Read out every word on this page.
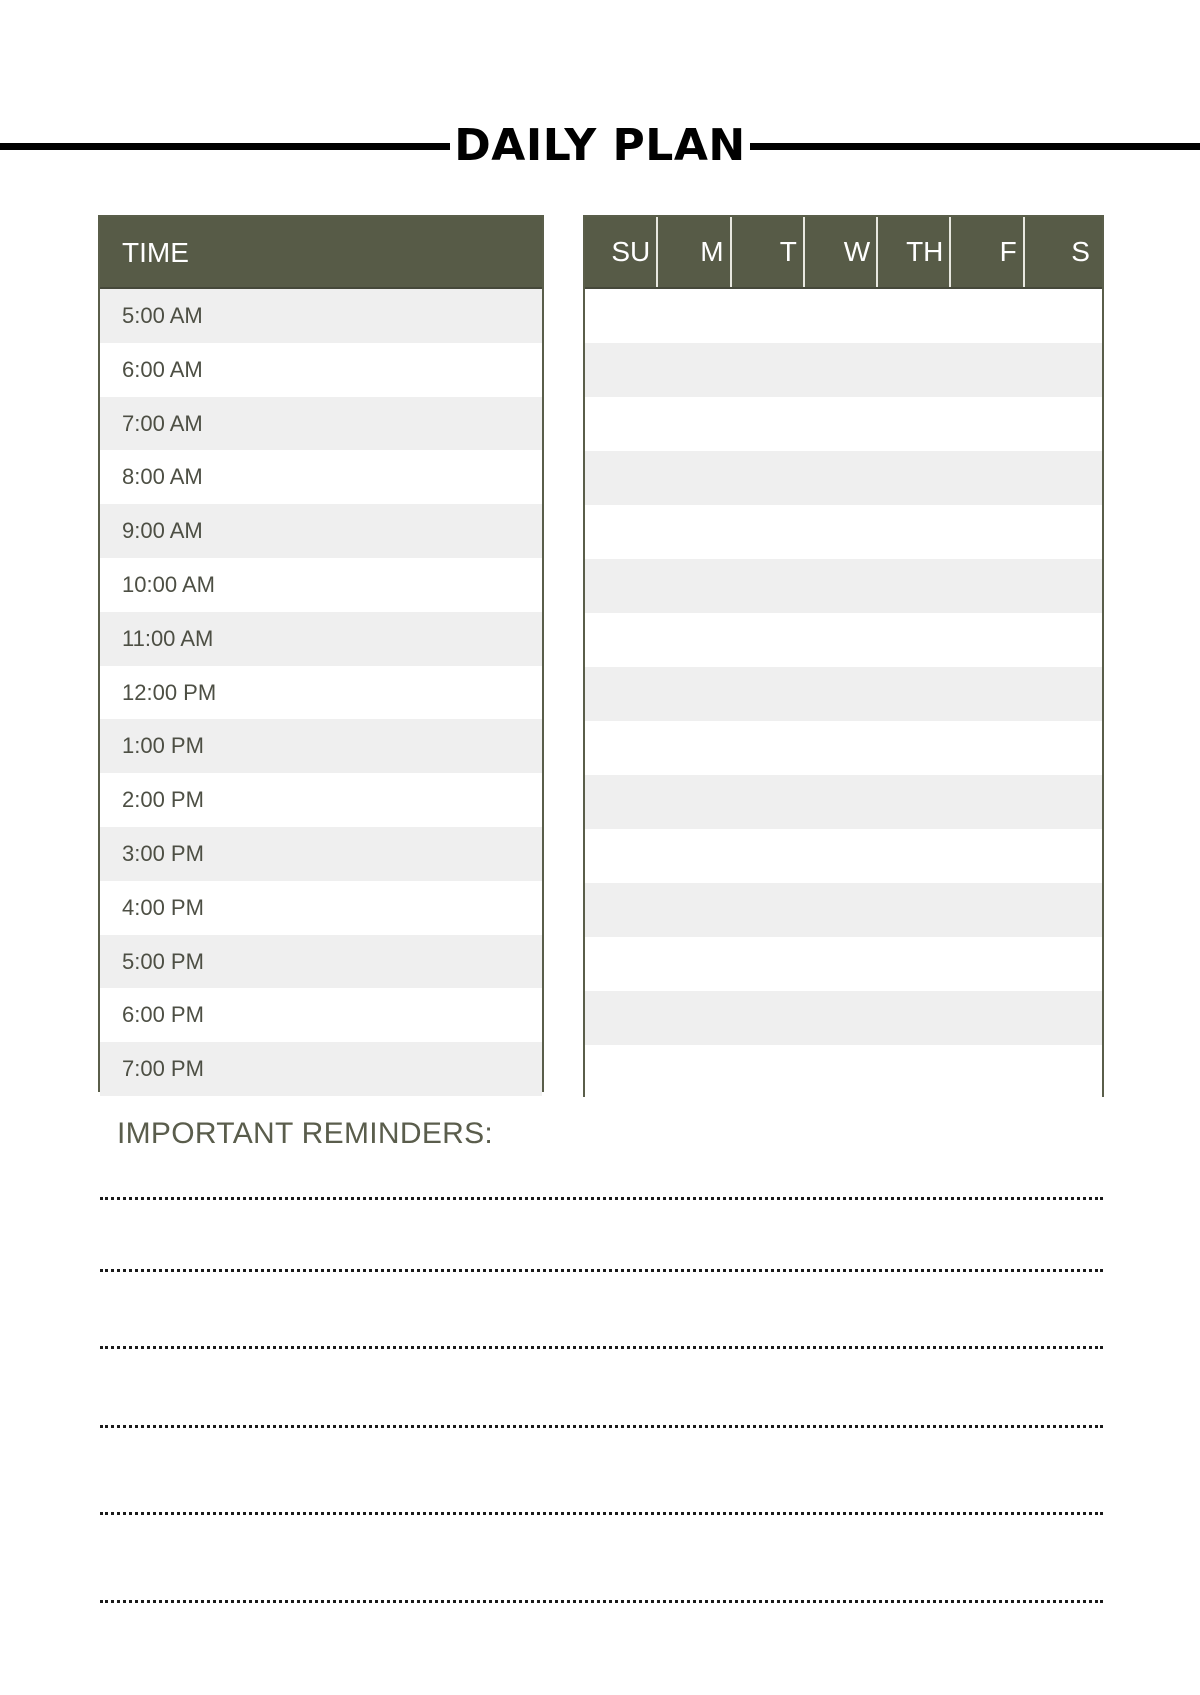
DAILY PLAN
TIME
5:00 AM
6:00 AM
7:00 AM
8:00 AM
9:00 AM
10:00 AM
11:00 AM
12:00 PM
1:00 PM
2:00 PM
3:00 PM
4:00 PM
5:00 PM
6:00 PM
7:00 PM
SU	M	T	W	TH	F	S
IMPORTANT REMINDERS:
